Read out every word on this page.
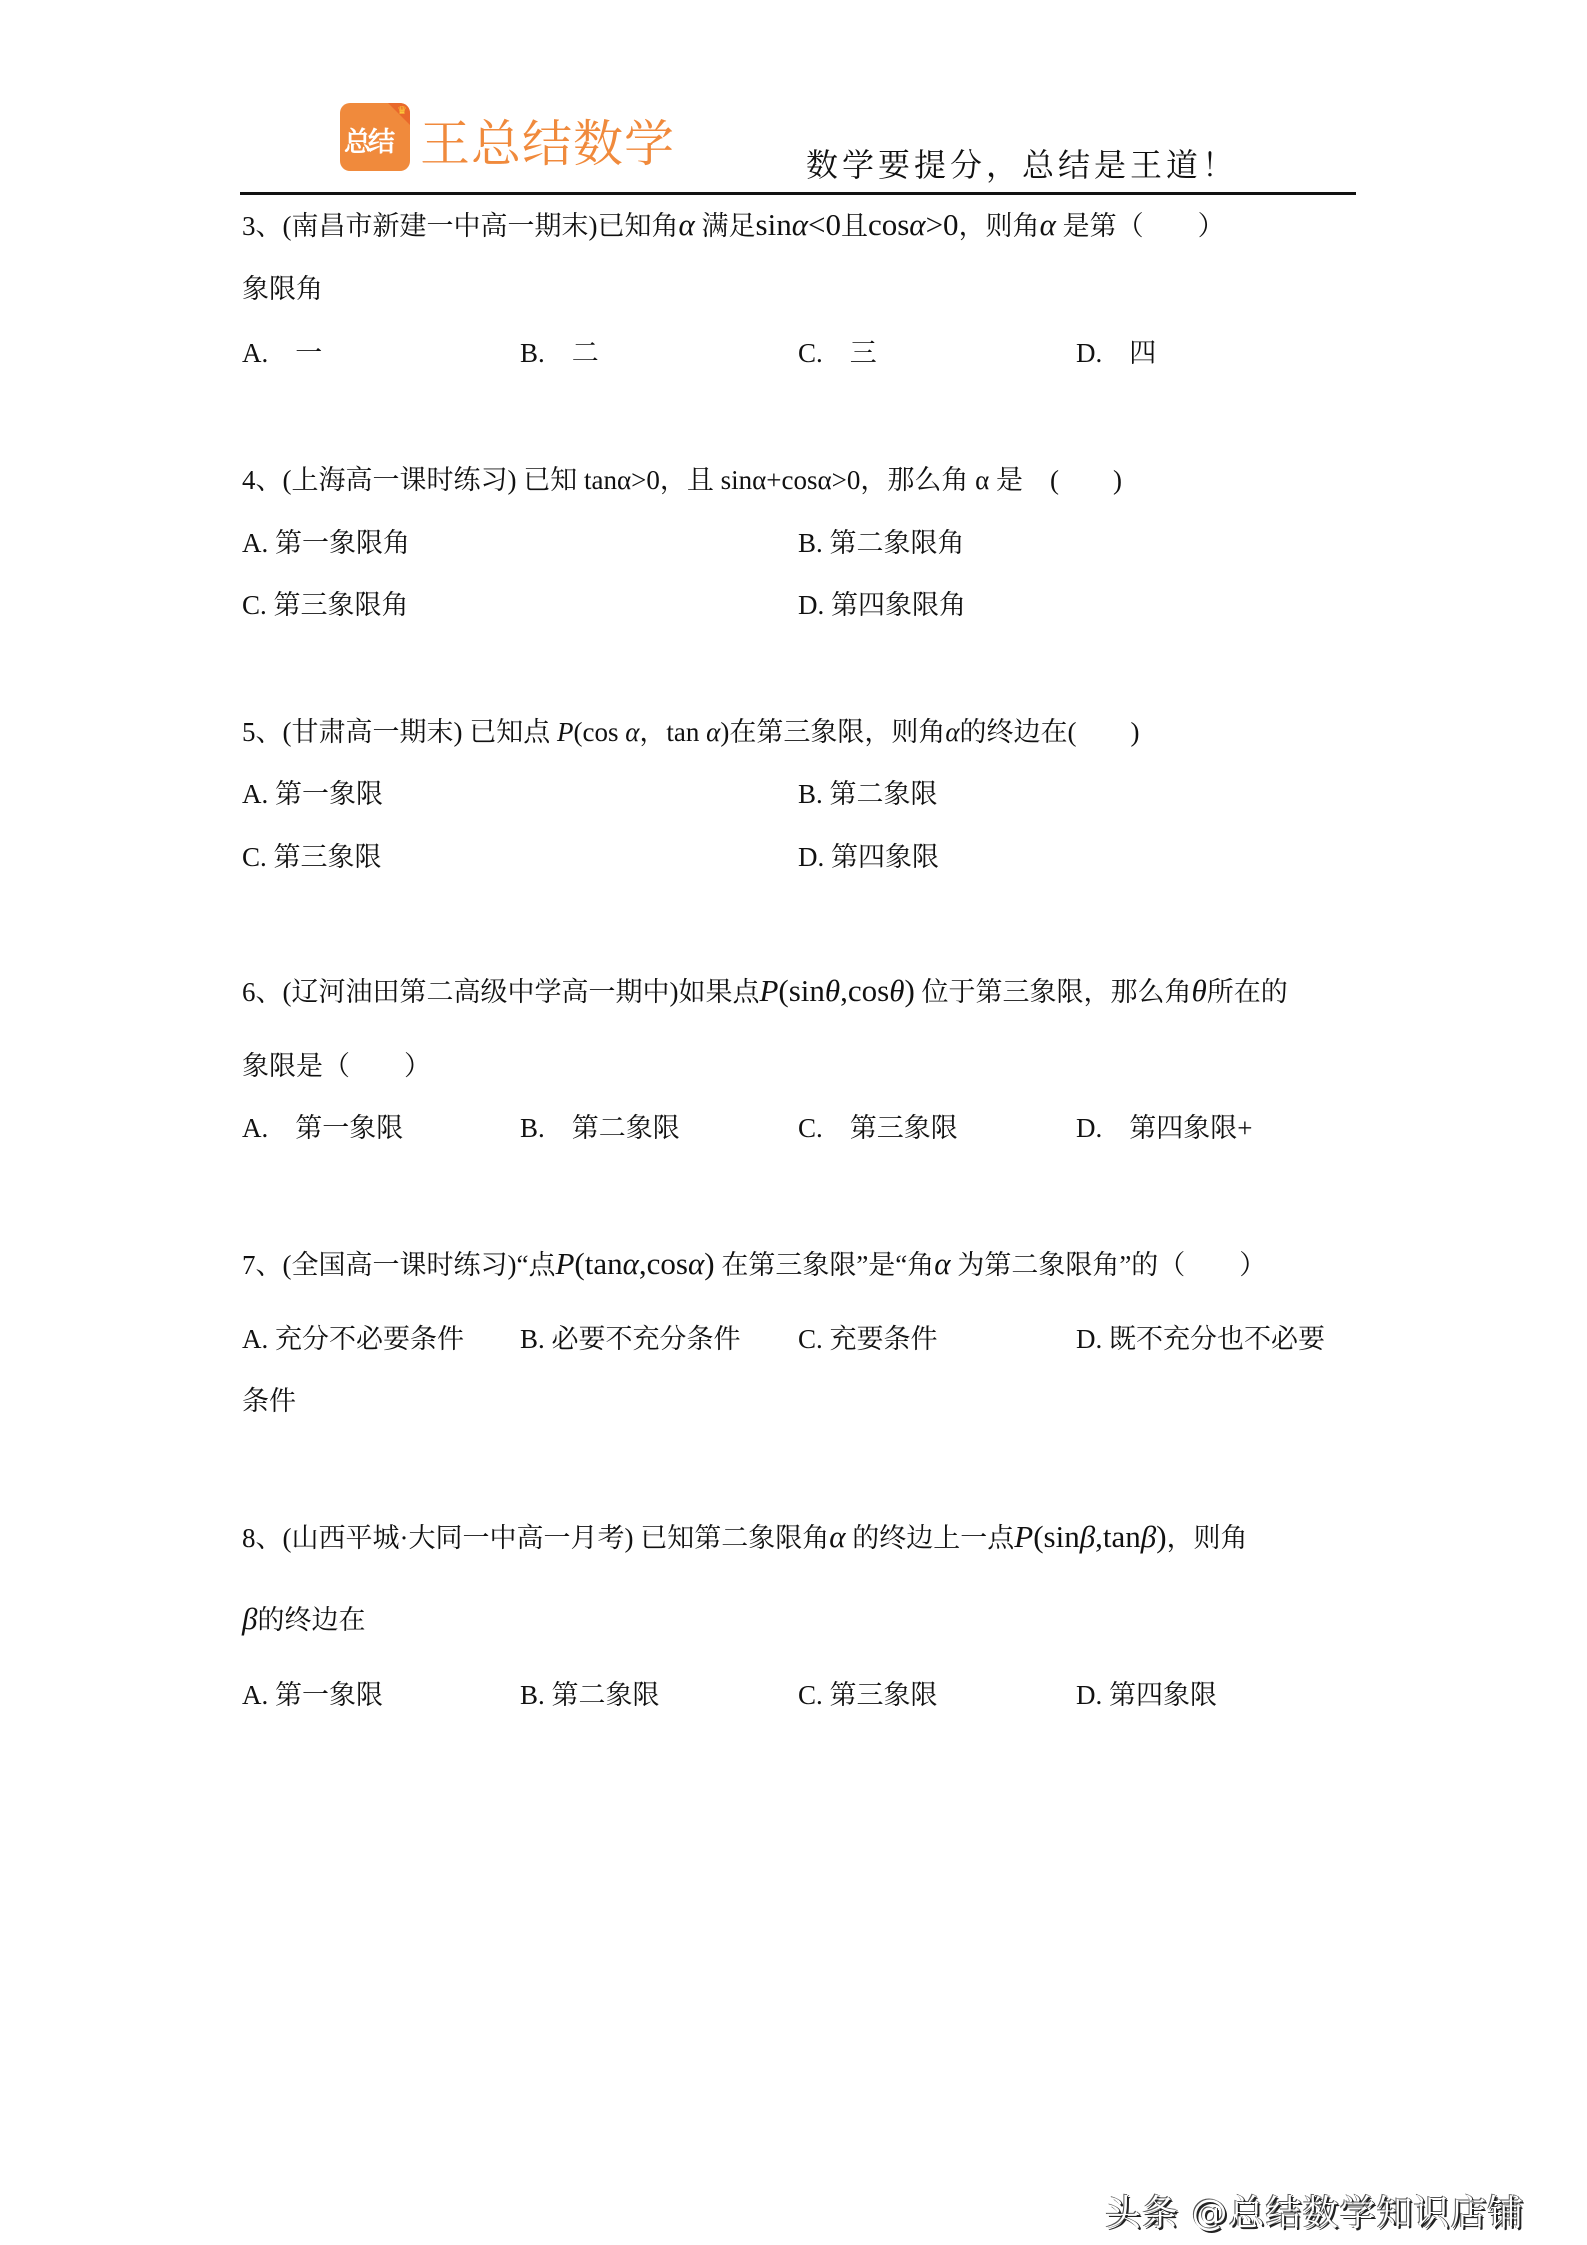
♛
总结 王总结数学	数学要提分，总结是王道！
3、(南昌市新建一中高一期末)已知角α 满足sinα<0且cosα>0，则角α 是第（　　）
象限角
A.　 一	B.　 二	C.　 三	D.　 四
4、(上海高一课时练习) 已知 tanα>0，且 sinα+cosα>0，那么角 α 是　(　　)
A. 第一象限角	B. 第二象限角
C. 第三象限角	D. 第四象限角
5、(甘肃高一期末) 已知点 P(cos α，tan α)在第三象限，则角α的终边在(　　)
A. 第一象限	B. 第二象限
C. 第三象限	D. 第四象限
6、(辽河油田第二高级中学高一期中)如果点P(sinθ,cosθ) 位于第三象限，那么角θ所在的
象限是（　　）
A.　 第一象限	B.　 第二象限	C.　 第三象限	D.　 第四象限+
7、(全国高一课时练习)“点P(tanα,cosα) 在第三象限”是“角α 为第二象限角”的（　　）
A. 充分不必要条件 B. 必要不充分条件 C. 充要条件	D. 既不充分也不必要
条件
8、(山西平城·大同一中高一月考) 已知第二象限角α 的终边上一点P(sinβ,tanβ)，则角
β的终边在
A. 第一象限	B. 第二象限	C. 第三象限	D. 第四象限
头条 @总结数学知识店铺
